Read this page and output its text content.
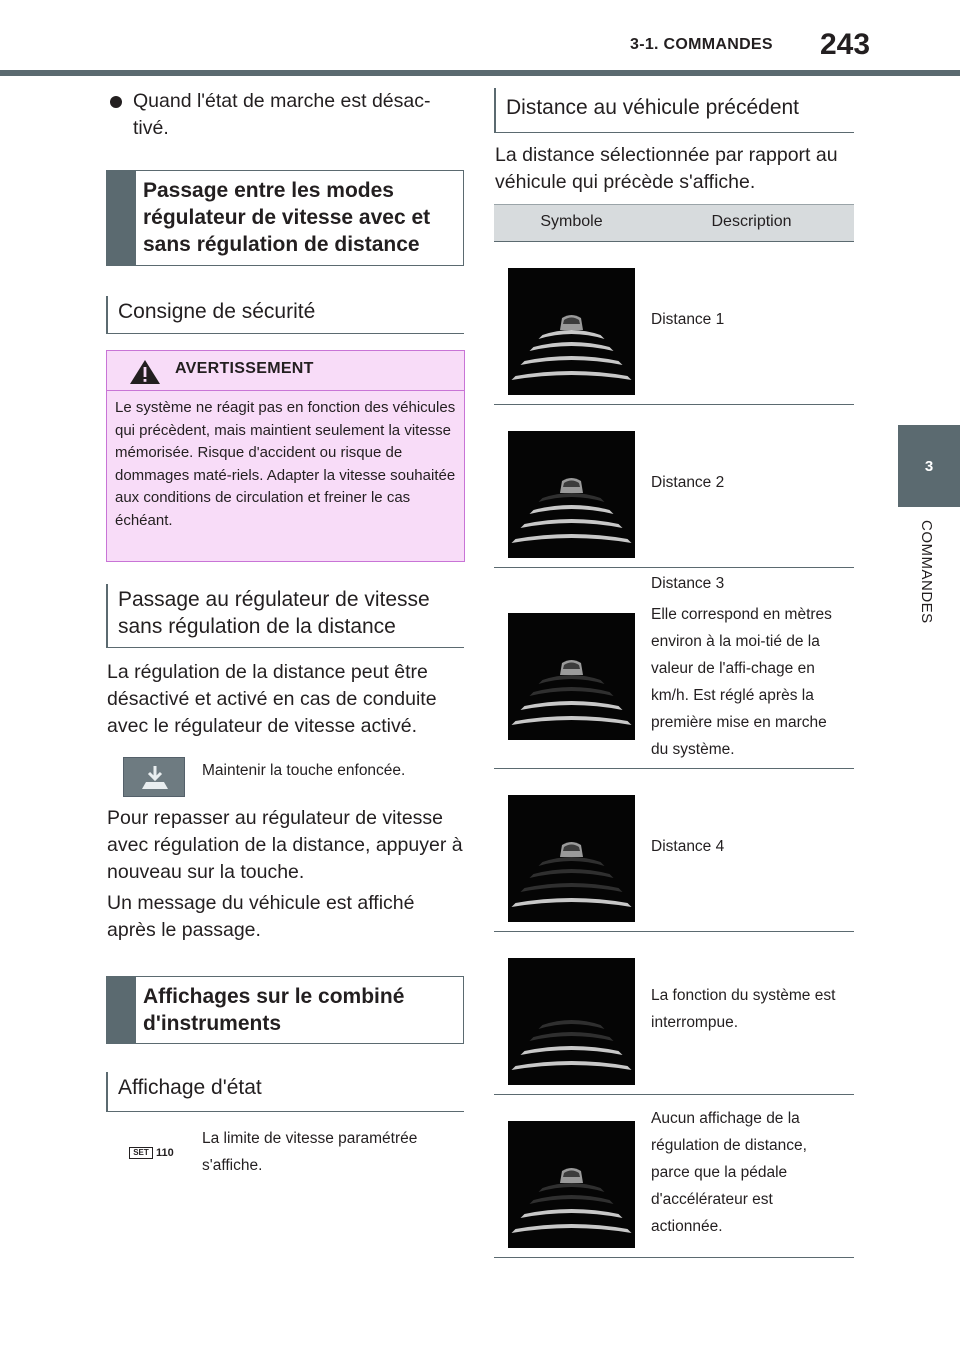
3-1. COMMANDES 243
3
COMMANDES
Quand l'état de marche est désac-tivé.
Passage entre les modes régulateur de vitesse avec et sans régulation de distance
Consigne de sécurité
AVERTISSEMENT
Le système ne réagit pas en fonction des véhicules qui précèdent, mais maintient seulement la vitesse mémorisée. Risque d'accident ou risque de dommages maté-riels. Adapter la vitesse souhaitée aux conditions de circulation et freiner le cas échéant.
Passage au régulateur de vitesse sans régulation de la distance
La régulation de la distance peut être désactivé et activé en cas de conduite avec le régulateur de vitesse activé.
Maintenir la touche enfoncée.
Pour repasser au régulateur de vitesse avec régulation de la distance, appuyer à nouveau sur la touche.
Un message du véhicule est affiché après le passage.
Affichages sur le combiné d'instruments
Affichage d'état
SET 110
La limite de vitesse paramétrée s'affiche.
Distance au véhicule précédent
La distance sélectionnée par rapport au véhicule qui précède s'affiche.
Symbole	Description
Distance 1
Distance 2
Distance 3
Elle correspond en mètres environ à la moi-tié de la valeur de l'affi-chage en km/h. Est réglé après la première mise en marche du système.
Distance 4
La fonction du système est interrompue.
Aucun affichage de la régulation de distance, parce que la pédale d'accélérateur est actionnée.
